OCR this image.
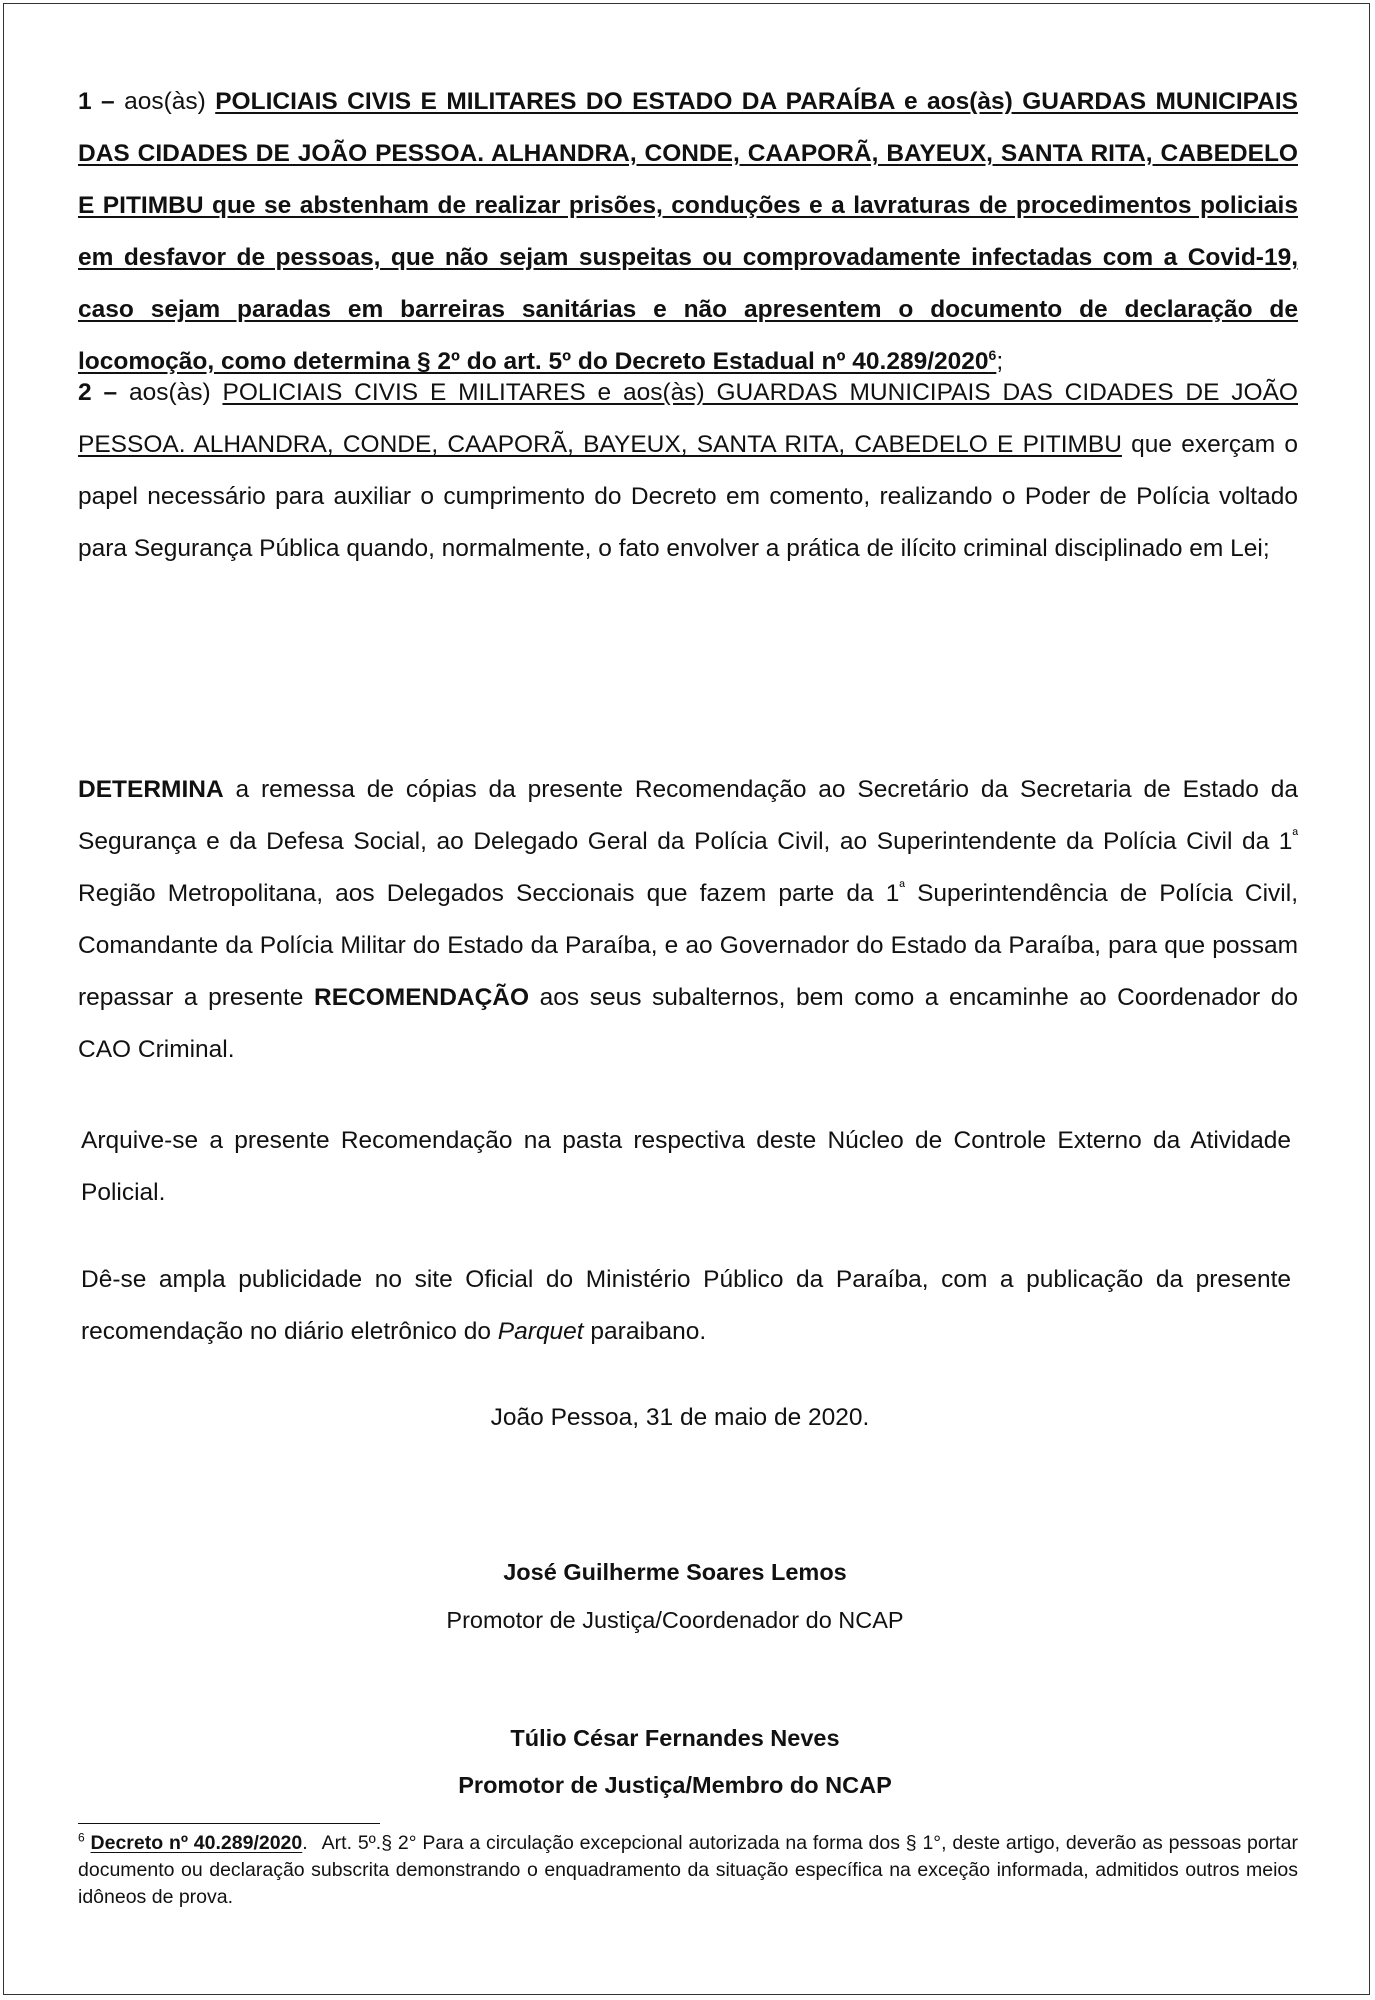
1 – aos(às) POLICIAIS CIVIS E MILITARES DO ESTADO DA PARAÍBA e aos(às) GUARDAS MUNICIPAIS DAS CIDADES DE JOÃO PESSOA. ALHANDRA, CONDE, CAAPORÃ, BAYEUX, SANTA RITA, CABEDELO E PITIMBU que se abstenham de realizar prisões, conduções e a lavraturas de procedimentos policiais em desfavor de pessoas, que não sejam suspeitas ou comprovadamente infectadas com a Covid-19, caso sejam paradas em barreiras sanitárias e não apresentem o documento de declaração de locomoção, como determina § 2º do art. 5º do Decreto Estadual nº 40.289/2020$^6$;

2 – aos(às) POLICIAIS CIVIS E MILITARES e aos(às) GUARDAS MUNICIPAIS DAS CIDADES DE JOÃO PESSOA. ALHANDRA, CONDE, CAAPORÃ, BAYEUX, SANTA RITA, CABEDELO E PITIMBU que exerçam o papel necessário para auxiliar o cumprimento do Decreto em comento, realizando o Poder de Polícia voltado para Segurança Pública quando, normalmente, o fato envolver a prática de ilícito criminal disciplinado em Lei;

DETERMINA a remessa de cópias da presente Recomendação ao Secretário da Secretaria de Estado da Segurança e da Defesa Social, ao Delegado Geral da Polícia Civil, ao Superintendente da Polícia Civil da $1^ª$ Região Metropolitana, aos Delegados Seccionais que fazem parte da $1^ª$ Superintendência de Polícia Civil, Comandante da Polícia Militar do Estado da Paraíba, e ao Governador do Estado da Paraíba, para que possam repassar a presente RECOMENDAÇÃO aos seus subalternos, bem como a encaminhe ao Coordenador do CAO Criminal.

Arquive-se a presente Recomendação na pasta respectiva deste Núcleo de Controle Externo da Atividade Policial.

Dê-se ampla publicidade no site Oficial do Ministério Público da Paraíba, com a publicação da presente recomendação no diário eletrônico do Parquet paraibano.

João Pessoa, 31 de maio de 2020.

José Guilherme Soares Lemos

Promotor de Justiça/Coordenador do NCAP

Túlio César Fernandes Neves

Promotor de Justiça/Membro do NCAP

$^6$ Decreto nº 40.289/2020. Art. 5º.§ 2° Para a circulação excepcional autorizada na forma dos § 1°, deste artigo, deverão as pessoas portar documento ou declaração subscrita demonstrando o enquadramento da situação específica na exceção informada, admitidos outros meios idôneos de prova.
